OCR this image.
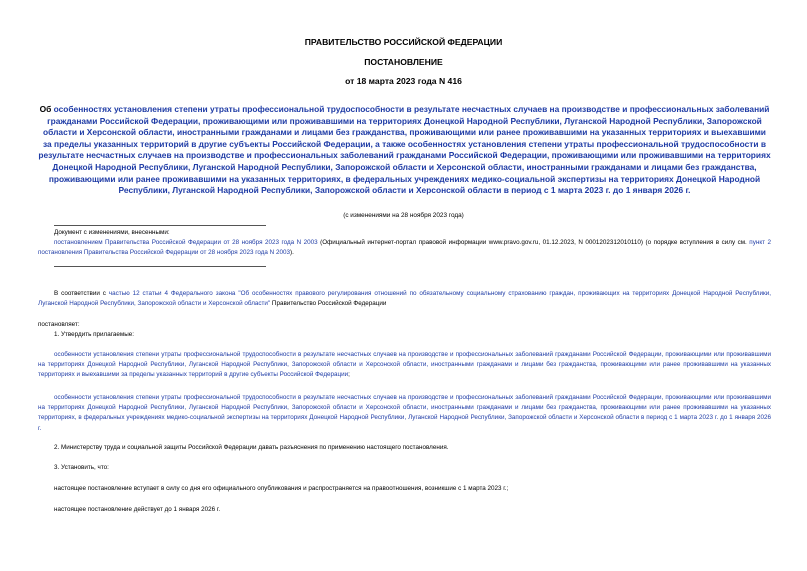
ПРАВИТЕЛЬСТВО РОССИЙСКОЙ ФЕДЕРАЦИИ
ПОСТАНОВЛЕНИЕ
от 18 марта 2023 года N 416
Об особенностях установления степени утраты профессиональной трудоспособности в результате несчастных случаев на производстве и профессиональных заболеваний гражданами Российской Федерации, проживающими или проживавшими на территориях Донецкой Народной Республики, Луганской Народной Республики, Запорожской области и Херсонской области, иностранными гражданами и лицами без гражданства, проживающими или ранее проживавшими на указанных территориях и выехавшими за пределы указанных территорий в другие субъекты Российской Федерации, а также особенностях установления степени утраты профессиональной трудоспособности в результате несчастных случаев на производстве и профессиональных заболеваний гражданами Российской Федерации, проживающими или проживавшими на территориях Донецкой Народной Республики, Луганской Народной Республики, Запорожской области и Херсонской области, иностранными гражданами и лицами без гражданства, проживающими или ранее проживавшими на указанных территориях, в федеральных учреждениях медико-социальной экспертизы на территориях Донецкой Народной Республики, Луганской Народной Республики, Запорожской области и Херсонской области в период с 1 марта 2023 г. до 1 января 2026 г.
(с изменениями на 28 ноября 2023 года)
Документ с изменениями, внесенными:
постановлением Правительства Российской Федерации от 28 ноября 2023 года N 2003 (Официальный интернет-портал правовой информации www.pravo.gov.ru, 01.12.2023, N 0001202312010110) (о порядке вступления в силу см. пункт 2 постановления Правительства Российской Федерации от 28 ноября 2023 года N 2003).
В соответствии с частью 12 статьи 4 Федерального закона "Об особенностях правового регулирования отношений по обязательному социальному страхованию граждан, проживающих на территориях Донецкой Народной Республики, Луганской Народной Республики, Запорожской области и Херсонской области" Правительство Российской Федерации
постановляет:
1. Утвердить прилагаемые:
особенности установления степени утраты профессиональной трудоспособности в результате несчастных случаев на производстве и профессиональных заболеваний гражданами Российской Федерации, проживающими или проживавшими на территориях Донецкой Народной Республики, Луганской Народной Республики, Запорожской области и Херсонской области, иностранными гражданами и лицами без гражданства, проживающими или ранее проживавшими на указанных территориях и выехавшими за пределы указанных территорий в другие субъекты Российской Федерации;
особенности установления степени утраты профессиональной трудоспособности в результате несчастных случаев на производстве и профессиональных заболеваний гражданами Российской Федерации, проживающими или проживавшими на территориях Донецкой Народной Республики, Луганской Народной Республики, Запорожской области и Херсонской области, иностранными гражданами и лицами без гражданства, проживающими или ранее проживавшими на указанных территориях, в федеральных учреждениях медико-социальной экспертизы на территориях Донецкой Народной Республики, Луганской Народной Республики, Запорожской области и Херсонской области в период с 1 марта 2023 г. до 1 января 2026 г.
2. Министерству труда и социальной защиты Российской Федерации давать разъяснения по применению настоящего постановления.
3. Установить, что:
настоящее постановление вступает в силу со дня его официального опубликования и распространяется на правоотношения, возникшие с 1 марта 2023 г.;
настоящее постановление действует до 1 января 2026 г.
